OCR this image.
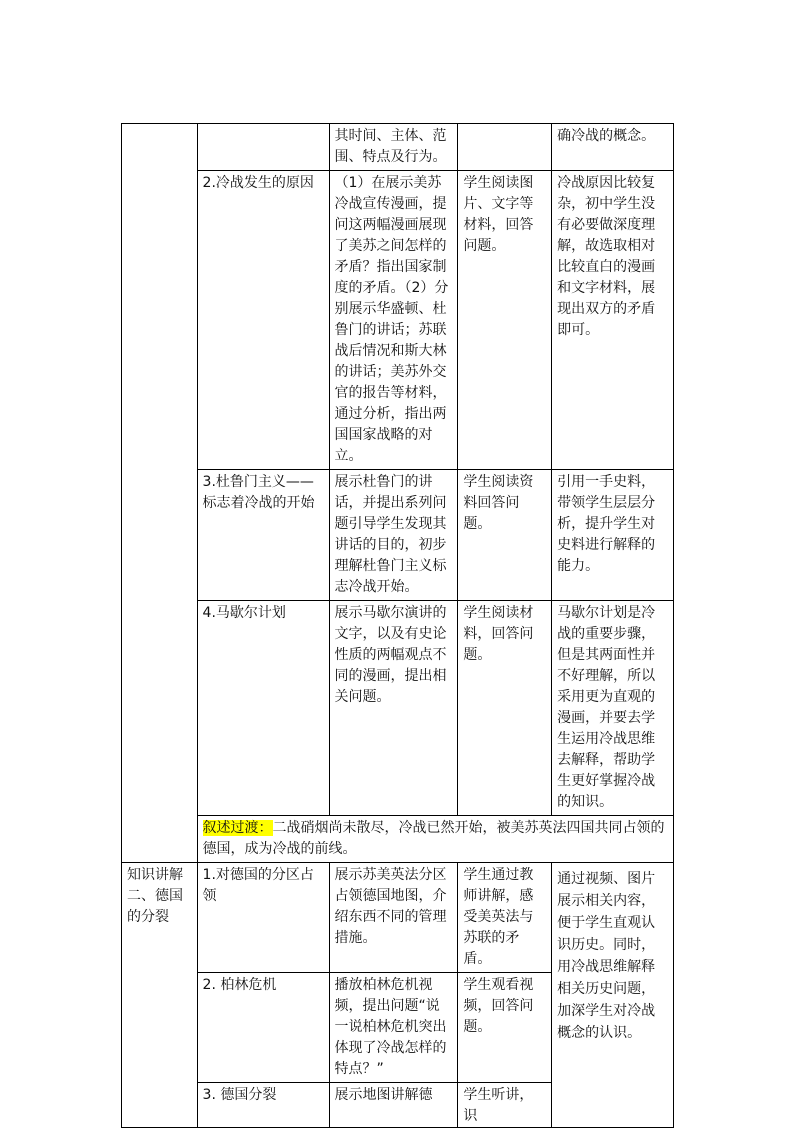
		其时间、主体、范围、特点及行为。		确冷战的概念。
	2.冷战发生的原因	（1）在展示美苏冷战宣传漫画，提问这两幅漫画展现了美苏之间怎样的矛盾？指出国家制度的矛盾。（2）分别展示华盛顿、杜鲁门的讲话；苏联战后情况和斯大林的讲话；美苏外交官的报告等材料，通过分析，指出两国国家战略的对立。	学生阅读图片、文字等材料，回答问题。	冷战原因比较复杂，初中学生没有必要做深度理解，故选取相对比较直白的漫画和文字材料，展现出双方的矛盾即可。
	3.杜鲁门主义——标志着冷战的开始	展示杜鲁门的讲话，并提出系列问题引导学生发现其讲话的目的，初步理解杜鲁门主义标志冷战开始。	学生阅读资料回答问题。	引用一手史料，带领学生层层分析，提升学生对史料进行解释的能力。
	4.马歇尔计划	展示马歇尔演讲的文字，以及有史论性质的两幅观点不同的漫画，提出相关问题。	学生阅读材料，回答问题。	马歇尔计划是冷战的重要步骤，但是其两面性并不好理解，所以采用更为直观的漫画，并要去学生运用冷战思维去解释，帮助学生更好掌握冷战的知识。
	叙述过渡：二战硝烟尚未散尽，冷战已然开始，被美苏英法四国共同占领的德国，成为冷战的前线。			
知识讲解二、德国的分裂	1.对德国的分区占领	展示苏美英法分区占领德国地图，介绍东西不同的管理措施。	学生通过教师讲解，感受美英法与苏联的矛盾。	通过视频、图片展示相关内容，便于学生直观认识历史。同时，用冷战思维解释相关历史问题，加深学生对冷战概念的认识。
	2. 柏林危机	播放柏林危机视频，提出问题“说一说柏林危机突出体现了冷战怎样的特点？”	学生观看视频，回答问题。	
	3. 德国分裂	展示地图讲解德	学生听讲，识	
